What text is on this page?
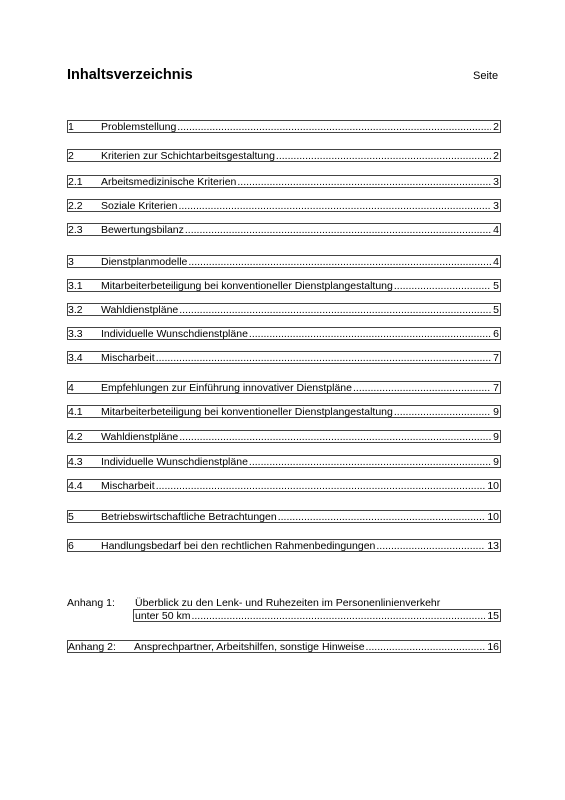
Inhaltsverzeichnis	Seite
1	Problemstellung .....	2
2	Kriterien zur Schichtarbeitsgestaltung .....	2
2.1 Arbeitsmedizinische Kriterien .....	3
2.2 Soziale Kriterien .....	3
2.3 Bewertungsbilanz .....	4
3	Dienstplanmodelle .....	4
3.1 Mitarbeiterbeteiligung bei konventioneller Dienstplangestaltung .....	5
3.2 Wahldienstpläne .....	5
3.3 Individuelle Wunschdienstpläne .....	6
3.4 Mischarbeit .....	7
4	Empfehlungen zur Einführung innovativer Dienstpläne .....	7
4.1 Mitarbeiterbeteiligung bei konventioneller Dienstplangestaltung .....	9
4.2 Wahldienstpläne .....	9
4.3 Individuelle Wunschdienstpläne .....	9
4.4 Mischarbeit .....	10
5	Betriebswirtschaftliche Betrachtungen .....	10
6	Handlungsbedarf bei den rechtlichen Rahmenbedingungen .....	13
Anhang 1: Überblick zu den Lenk- und Ruhezeiten im Personenlinienverkehr
unter 50 km .....	15
Anhang 2: Ansprechpartner, Arbeitshilfen, sonstige Hinweise .....	16
